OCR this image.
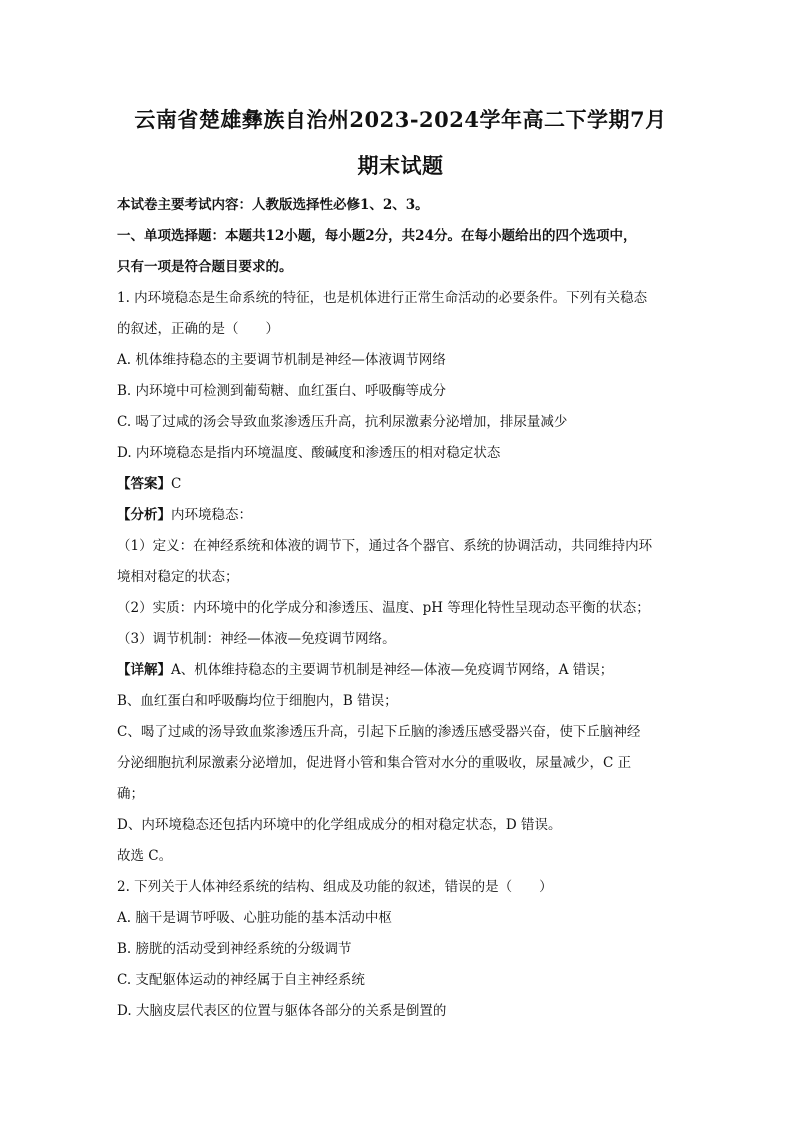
云南省楚雄彝族自治州2023-2024学年高二下学期7月
期末试题
本试卷主要考试内容：人教版选择性必修1、2、3。
一、单项选择题：本题共12小题，每小题2分，共24分。在每小题给出的四个选项中，
只有一项是符合题目要求的。
1. 内环境稳态是生命系统的特征，也是机体进行正常生命活动的必要条件。下列有关稳态
的叙述，正确的是（　　）
A. 机体维持稳态的主要调节机制是神经—体液调节网络
B. 内环境中可检测到葡萄糖、血红蛋白、呼吸酶等成分
C. 喝了过咸的汤会导致血浆渗透压升高，抗利尿激素分泌增加，排尿量减少
D. 内环境稳态是指内环境温度、酸碱度和渗透压的相对稳定状态
【答案】C
【分析】内环境稳态：
（1）定义：在神经系统和体液的调节下，通过各个器官、系统的协调活动，共同维持内环
境相对稳定的状态；
（2）实质：内环境中的化学成分和渗透压、温度、pH 等理化特性呈现动态平衡的状态；
（3）调节机制：神经—体液—免疫调节网络。
【详解】A、机体维持稳态的主要调节机制是神经—体液—免疫调节网络，A 错误；
B、血红蛋白和呼吸酶均位于细胞内，B 错误；
C、喝了过咸的汤导致血浆渗透压升高，引起下丘脑的渗透压感受器兴奋，使下丘脑神经
分泌细胞抗利尿激素分泌增加，促进肾小管和集合管对水分的重吸收，尿量减少，C 正
确；
D、内环境稳态还包括内环境中的化学组成成分的相对稳定状态，D 错误。
故选 C。
2. 下列关于人体神经系统的结构、组成及功能的叙述，错误的是（　　）
A. 脑干是调节呼吸、心脏功能的基本活动中枢
B. 膀胱的活动受到神经系统的分级调节
C. 支配躯体运动的神经属于自主神经系统
D. 大脑皮层代表区的位置与躯体各部分的关系是倒置的
